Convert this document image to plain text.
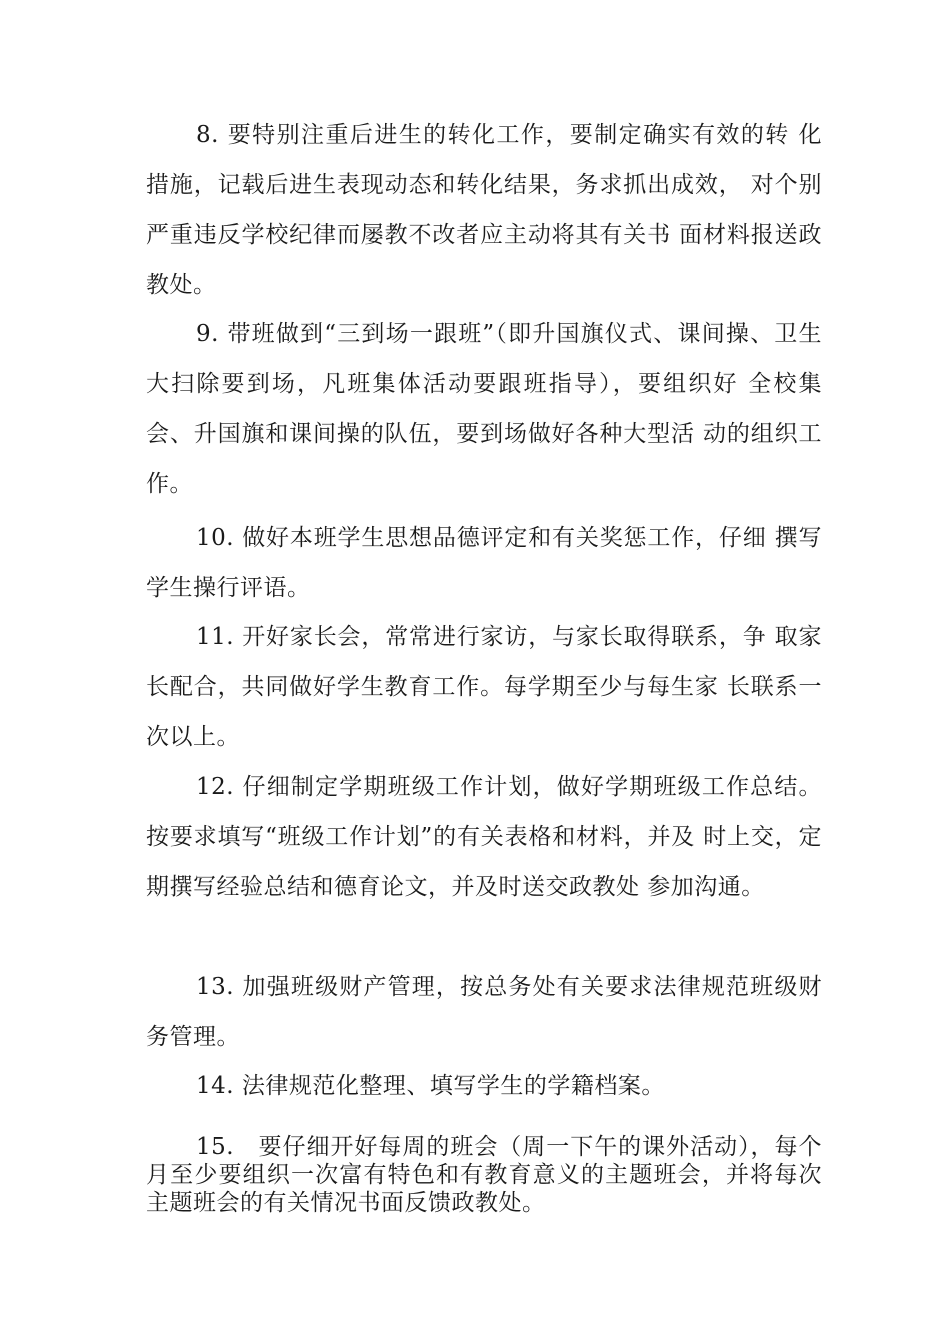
8. 要特别注重后进生的转化工作，要制定确实有效的转 化措施，记载后进生表现动态和转化结果，务求抓出成效， 对个别严重违反学校纪律而屡教不改者应主动将其有关书 面材料报送政教处。

9. 带班做到“三到场一跟班”（即升国旗仪式、课间操、卫生大扫除要到场，凡班集体活动要跟班指导），要组织好 全校集会、升国旗和课间操的队伍，要到场做好各种大型活 动的组织工作。

10. 做好本班学生思想品德评定和有关奖惩工作，仔细 撰写学生操行评语。

11. 开好家长会，常常进行家访，与家长取得联系，争 取家长配合，共同做好学生教育工作。每学期至少与每生家 长联系一次以上。

12. 仔细制定学期班级工作计划，做好学期班级工作总结。按要求填写“班级工作计划”的有关表格和材料，并及 时上交，定期撰写经验总结和德育论文，并及时送交政教处 参加沟通。

13. 加强班级财产管理，按总务处有关要求法律规范班级财务管理。

14. 法律规范化整理、填写学生的学籍档案。

15.　要仔细开好每周的班会（周一下午的课外活动），每个月至少要组织一次富有特色和有教育意义的主题班会，并将每次主题班会的有关情况书面反馈政教处。
